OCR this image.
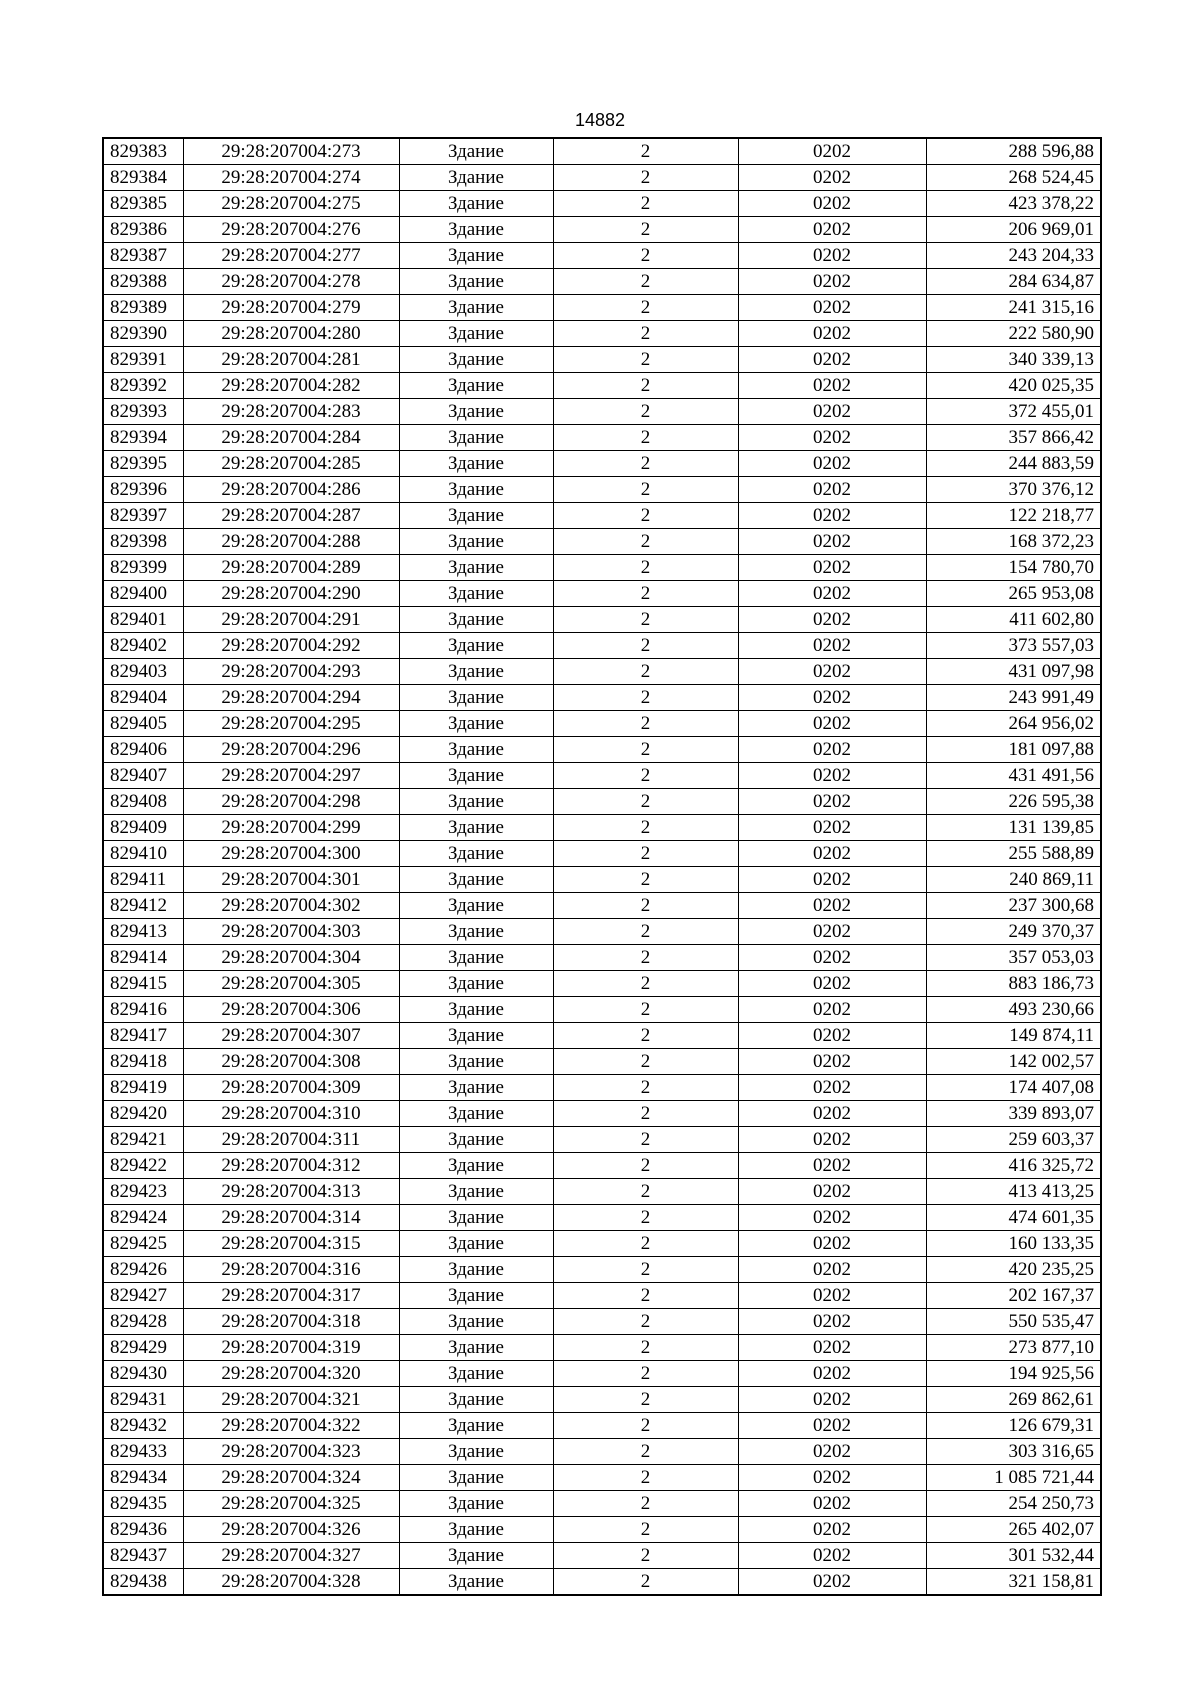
14882
829383	29:28:207004:273	Здание	2	0202	288 596,88
829384	29:28:207004:274	Здание	2	0202	268 524,45
829385	29:28:207004:275	Здание	2	0202	423 378,22
829386	29:28:207004:276	Здание	2	0202	206 969,01
829387	29:28:207004:277	Здание	2	0202	243 204,33
829388	29:28:207004:278	Здание	2	0202	284 634,87
829389	29:28:207004:279	Здание	2	0202	241 315,16
829390	29:28:207004:280	Здание	2	0202	222 580,90
829391	29:28:207004:281	Здание	2	0202	340 339,13
829392	29:28:207004:282	Здание	2	0202	420 025,35
829393	29:28:207004:283	Здание	2	0202	372 455,01
829394	29:28:207004:284	Здание	2	0202	357 866,42
829395	29:28:207004:285	Здание	2	0202	244 883,59
829396	29:28:207004:286	Здание	2	0202	370 376,12
829397	29:28:207004:287	Здание	2	0202	122 218,77
829398	29:28:207004:288	Здание	2	0202	168 372,23
829399	29:28:207004:289	Здание	2	0202	154 780,70
829400	29:28:207004:290	Здание	2	0202	265 953,08
829401	29:28:207004:291	Здание	2	0202	411 602,80
829402	29:28:207004:292	Здание	2	0202	373 557,03
829403	29:28:207004:293	Здание	2	0202	431 097,98
829404	29:28:207004:294	Здание	2	0202	243 991,49
829405	29:28:207004:295	Здание	2	0202	264 956,02
829406	29:28:207004:296	Здание	2	0202	181 097,88
829407	29:28:207004:297	Здание	2	0202	431 491,56
829408	29:28:207004:298	Здание	2	0202	226 595,38
829409	29:28:207004:299	Здание	2	0202	131 139,85
829410	29:28:207004:300	Здание	2	0202	255 588,89
829411	29:28:207004:301	Здание	2	0202	240 869,11
829412	29:28:207004:302	Здание	2	0202	237 300,68
829413	29:28:207004:303	Здание	2	0202	249 370,37
829414	29:28:207004:304	Здание	2	0202	357 053,03
829415	29:28:207004:305	Здание	2	0202	883 186,73
829416	29:28:207004:306	Здание	2	0202	493 230,66
829417	29:28:207004:307	Здание	2	0202	149 874,11
829418	29:28:207004:308	Здание	2	0202	142 002,57
829419	29:28:207004:309	Здание	2	0202	174 407,08
829420	29:28:207004:310	Здание	2	0202	339 893,07
829421	29:28:207004:311	Здание	2	0202	259 603,37
829422	29:28:207004:312	Здание	2	0202	416 325,72
829423	29:28:207004:313	Здание	2	0202	413 413,25
829424	29:28:207004:314	Здание	2	0202	474 601,35
829425	29:28:207004:315	Здание	2	0202	160 133,35
829426	29:28:207004:316	Здание	2	0202	420 235,25
829427	29:28:207004:317	Здание	2	0202	202 167,37
829428	29:28:207004:318	Здание	2	0202	550 535,47
829429	29:28:207004:319	Здание	2	0202	273 877,10
829430	29:28:207004:320	Здание	2	0202	194 925,56
829431	29:28:207004:321	Здание	2	0202	269 862,61
829432	29:28:207004:322	Здание	2	0202	126 679,31
829433	29:28:207004:323	Здание	2	0202	303 316,65
829434	29:28:207004:324	Здание	2	0202	1 085 721,44
829435	29:28:207004:325	Здание	2	0202	254 250,73
829436	29:28:207004:326	Здание	2	0202	265 402,07
829437	29:28:207004:327	Здание	2	0202	301 532,44
829438	29:28:207004:328	Здание	2	0202	321 158,81
